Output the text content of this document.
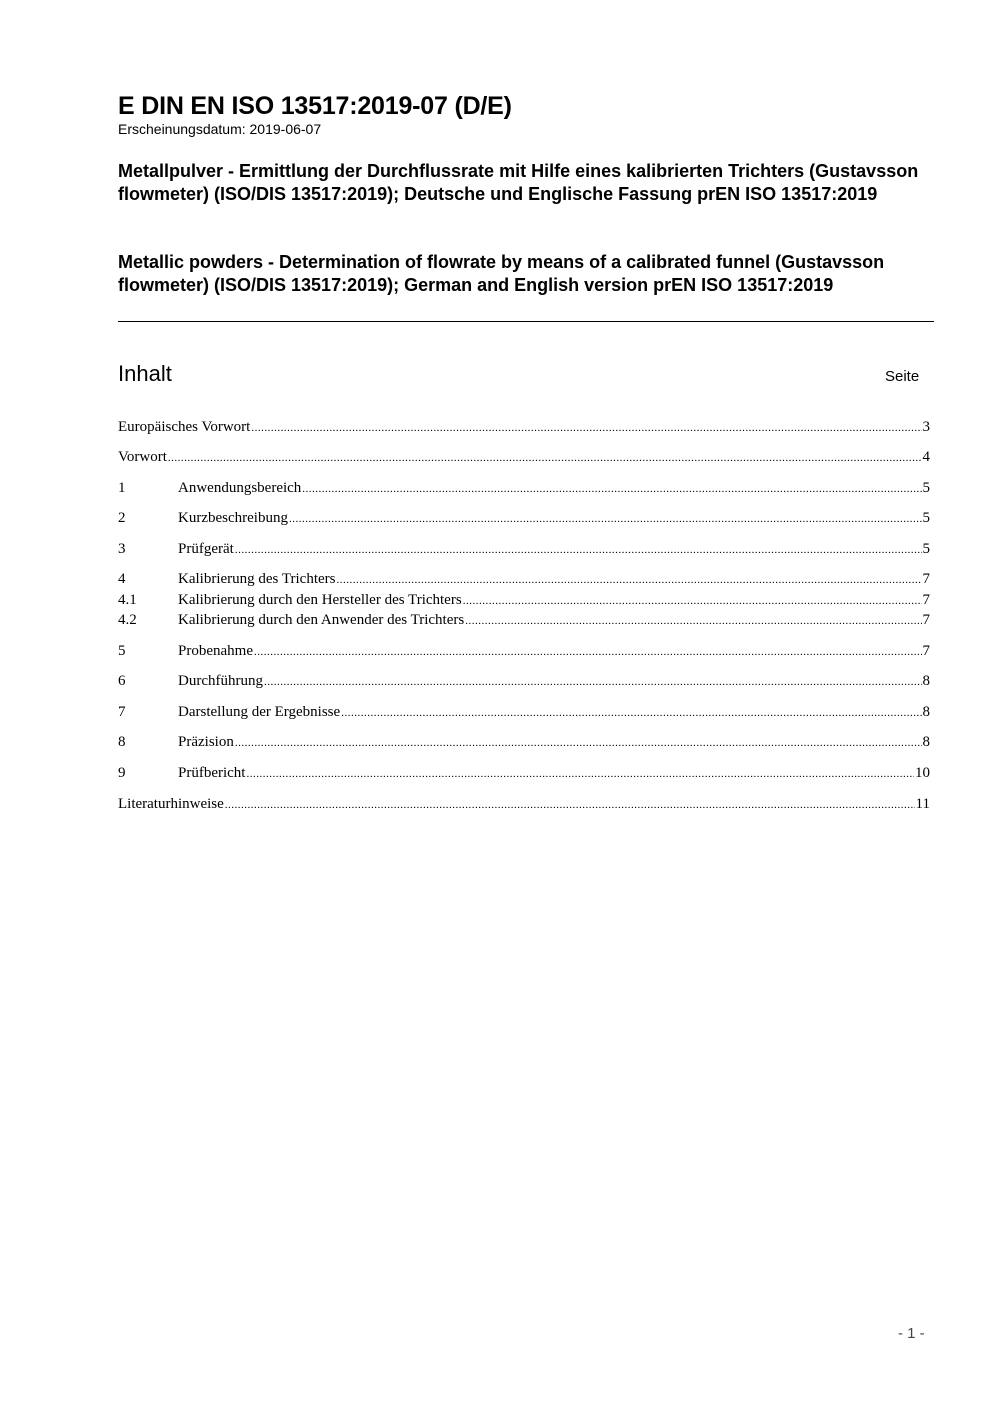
E DIN EN ISO 13517:2019-07 (D/E)
Erscheinungsdatum: 2019-06-07
Metallpulver - Ermittlung der Durchflussrate mit Hilfe eines kalibrierten Trichters (Gustavsson flowmeter) (ISO/DIS 13517:2019); Deutsche und Englische Fassung prEN ISO 13517:2019
Metallic powders - Determination of flowrate by means of a calibrated funnel (Gustavsson flowmeter) (ISO/DIS 13517:2019); German and English version prEN ISO 13517:2019
Inhalt	Seite
Europäisches Vorwort .....	3
Vorwort .....	4
1	Anwendungsbereich .....	5
2	Kurzbeschreibung .....	5
3	Prüfgerät .....	5
4	Kalibrierung des Trichters .....	7
4.1	Kalibrierung durch den Hersteller des Trichters .....	7
4.2	Kalibrierung durch den Anwender des Trichters .....	7
5	Probenahme .....	7
6	Durchführung .....	8
7	Darstellung der Ergebnisse .....	8
8	Präzision .....	8
9	Prüfbericht .....	10
Literaturhinweise .....	11
- 1 -
